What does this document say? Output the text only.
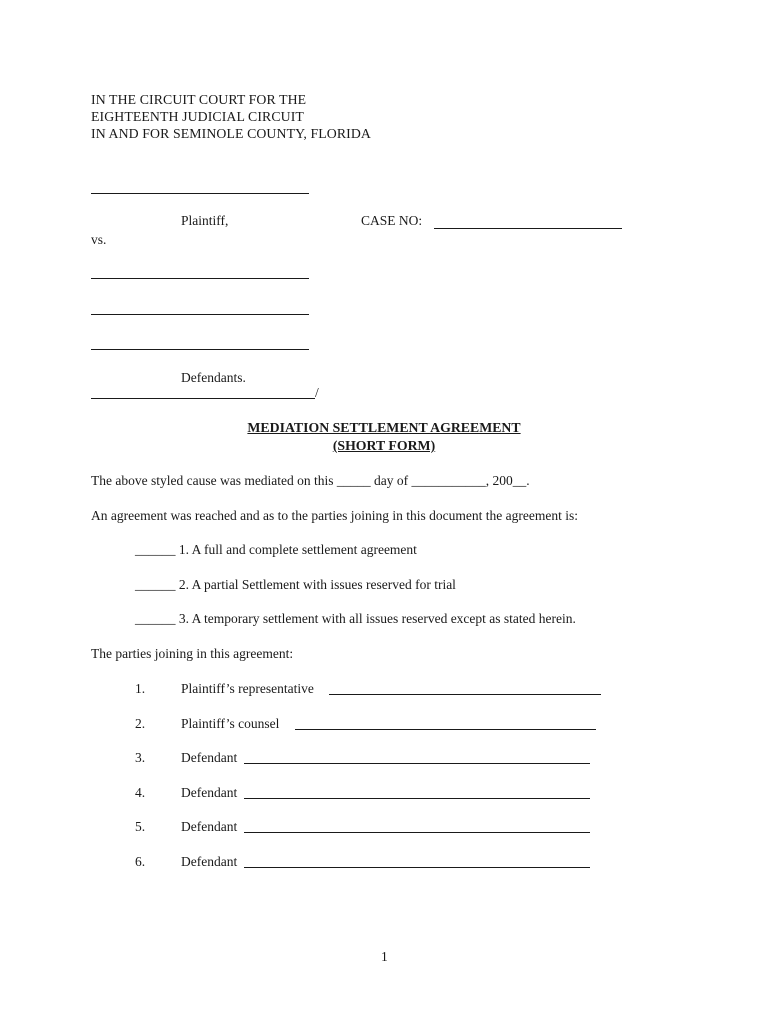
IN THE CIRCUIT COURT FOR THE
EIGHTEENTH JUDICIAL CIRCUIT
IN AND FOR SEMINOLE COUNTY, FLORIDA
Plaintiff,	CASE NO:
vs.
Defendants.
/
MEDIATION SETTLEMENT AGREEMENT
(SHORT FORM)
The above styled cause was mediated on this _____ day of ___________, 200__.
An agreement was reached and as to the parties joining in this document the agreement is:
______ 1. A full and complete settlement agreement
______ 2. A partial Settlement with issues reserved for trial
______ 3. A temporary settlement with all issues reserved except as stated herein.
The parties joining in this agreement:
1.	Plaintiff’s representative
2.	Plaintiff’s counsel
3.	Defendant
4.	Defendant
5.	Defendant
6.	Defendant
1
